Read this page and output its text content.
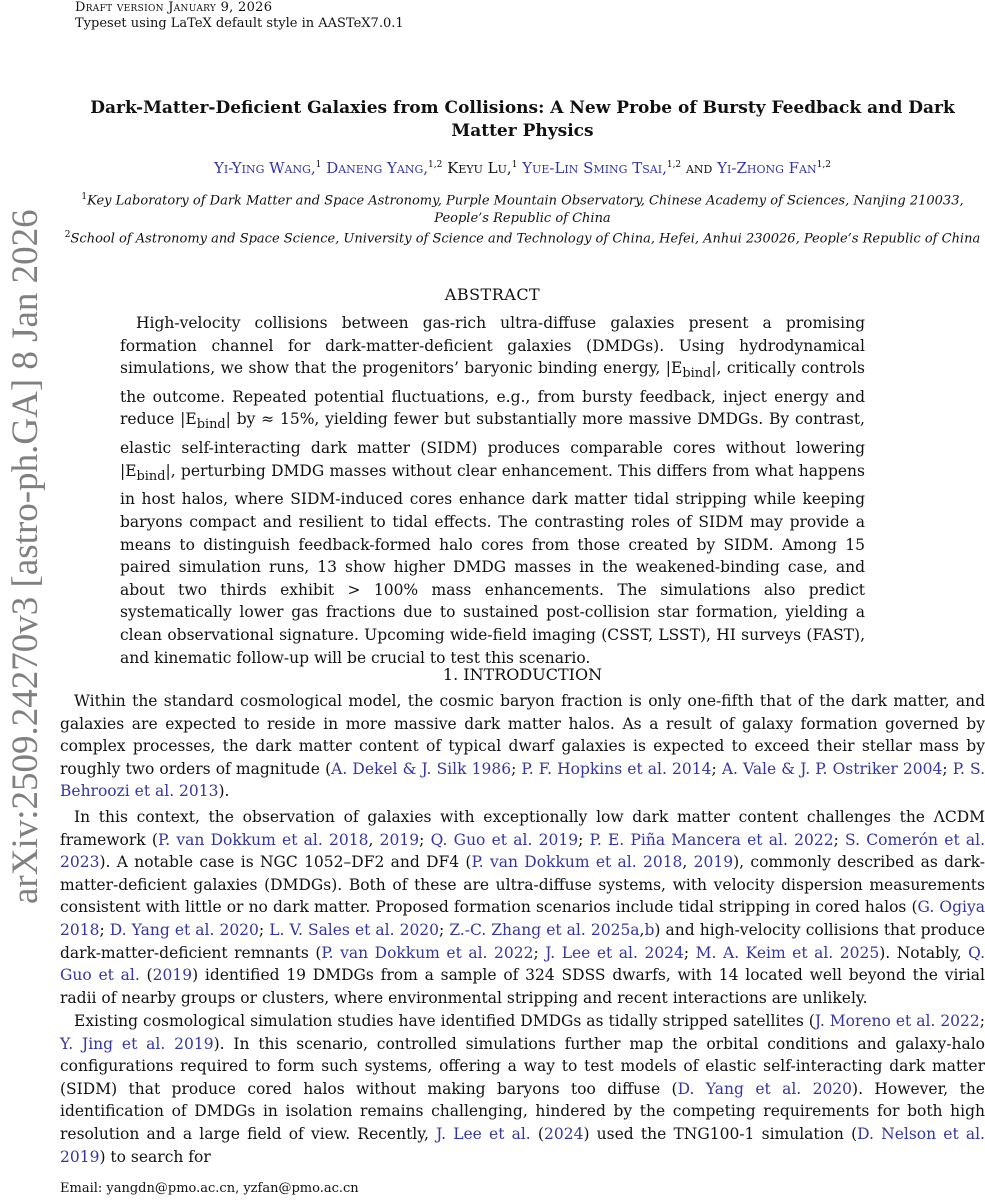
Draft version January 9, 2026
Typeset using LaTeX default style in AASTeX7.0.1
arXiv:2509.24270v3 [astro-ph.GA] 8 Jan 2026
Dark-Matter-Deficient Galaxies from Collisions: A New Probe of Bursty Feedback and Dark Matter Physics
Yi-Ying Wang,$^1$ Daneng Yang,$^{1,2}$ Keyu Lu,$^1$ Yue-Lin Sming Tsai,$^{1,2}$ and Yi-Zhong Fan$^{1,2}$
$^1$Key Laboratory of Dark Matter and Space Astronomy, Purple Mountain Observatory, Chinese Academy of Sciences, Nanjing 210033, People’s Republic of China
$^2$School of Astronomy and Space Science, University of Science and Technology of China, Hefei, Anhui 230026, People’s Republic of China
ABSTRACT
High-velocity collisions between gas-rich ultra-diffuse galaxies present a promising formation channel for dark-matter-deficient galaxies (DMDGs). Using hydrodynamical simulations, we show that the progenitors’ baryonic binding energy, $|E_{bind}|$, critically controls the outcome. Repeated potential fluctuations, e.g., from bursty feedback, inject energy and reduce $|E_{bind}|$ by ≈ 15%, yielding fewer but substantially more massive DMDGs. By contrast, elastic self-interacting dark matter (SIDM) produces comparable cores without lowering $|E_{bind}|$, perturbing DMDG masses without clear enhancement. This differs from what happens in host halos, where SIDM-induced cores enhance dark matter tidal stripping while keeping baryons compact and resilient to tidal effects. The contrasting roles of SIDM may provide a means to distinguish feedback-formed halo cores from those created by SIDM. Among 15 paired simulation runs, 13 show higher DMDG masses in the weakened-binding case, and about two thirds exhibit > 100% mass enhancements. The simulations also predict systematically lower gas fractions due to sustained post-collision star formation, yielding a clean observational signature. Upcoming wide-field imaging (CSST, LSST), HI surveys (FAST), and kinematic follow-up will be crucial to test this scenario.
1. INTRODUCTION
Within the standard cosmological model, the cosmic baryon fraction is only one-fifth that of the dark matter, and galaxies are expected to reside in more massive dark matter halos. As a result of galaxy formation governed by complex processes, the dark matter content of typical dwarf galaxies is expected to exceed their stellar mass by roughly two orders of magnitude (A. Dekel & J. Silk 1986; P. F. Hopkins et al. 2014; A. Vale & J. P. Ostriker 2004; P. S. Behroozi et al. 2013).
In this context, the observation of galaxies with exceptionally low dark matter content challenges the ΛCDM framework (P. van Dokkum et al. 2018, 2019; Q. Guo et al. 2019; P. E. Piña Mancera et al. 2022; S. Comerón et al. 2023). A notable case is NGC 1052–DF2 and DF4 (P. van Dokkum et al. 2018, 2019), commonly described as dark-matter-deficient galaxies (DMDGs). Both of these are ultra-diffuse systems, with velocity dispersion measurements consistent with little or no dark matter. Proposed formation scenarios include tidal stripping in cored halos (G. Ogiya 2018; D. Yang et al. 2020; L. V. Sales et al. 2020; Z.-C. Zhang et al. 2025a,b) and high-velocity collisions that produce dark-matter-deficient remnants (P. van Dokkum et al. 2022; J. Lee et al. 2024; M. A. Keim et al. 2025). Notably, Q. Guo et al. (2019) identified 19 DMDGs from a sample of 324 SDSS dwarfs, with 14 located well beyond the virial radii of nearby groups or clusters, where environmental stripping and recent interactions are unlikely.
Existing cosmological simulation studies have identified DMDGs as tidally stripped satellites (J. Moreno et al. 2022; Y. Jing et al. 2019). In this scenario, controlled simulations further map the orbital conditions and galaxy-halo configurations required to form such systems, offering a way to test models of elastic self-interacting dark matter (SIDM) that produce cored halos without making baryons too diffuse (D. Yang et al. 2020). However, the identification of DMDGs in isolation remains challenging, hindered by the competing requirements for both high resolution and a large field of view. Recently, J. Lee et al. (2024) used the TNG100-1 simulation (D. Nelson et al. 2019) to search for
Email: yangdn@pmo.ac.cn, yzfan@pmo.ac.cn
